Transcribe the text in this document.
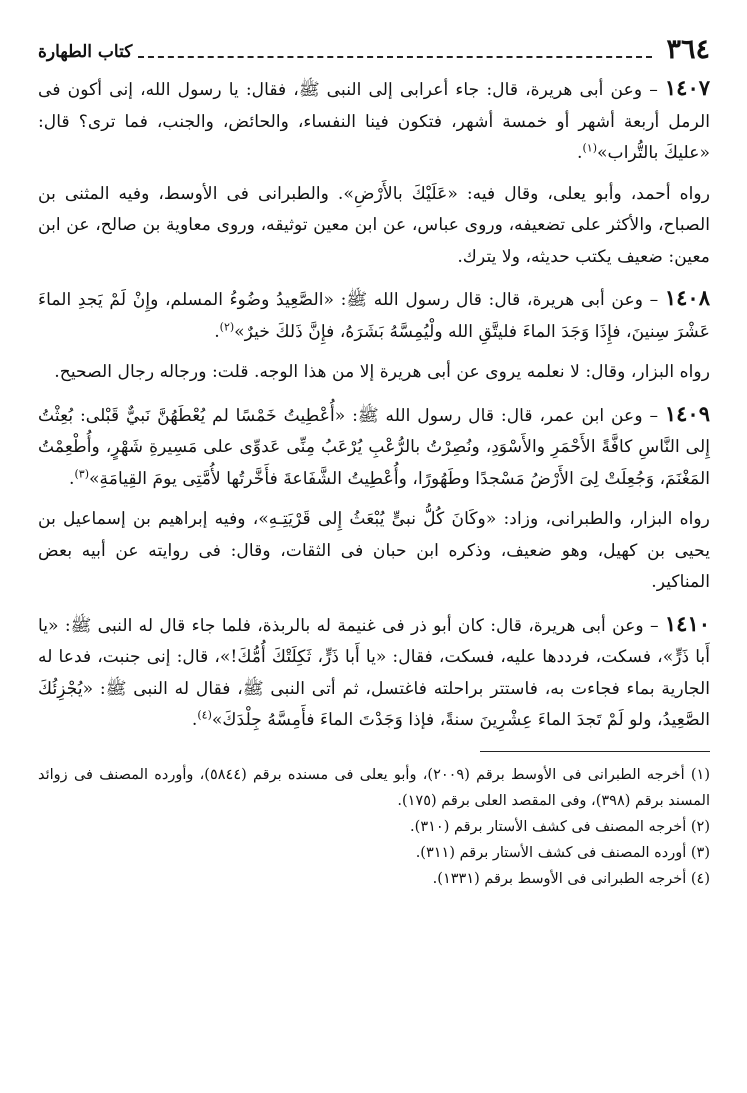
٣٦٤
كتاب الطهارة

١٤٠٧ – وعن أبى هريرة، قال: جاء أعرابى إلى النبى ﷺ، فقال: يا رسول الله، إنى أكون فى الرمل أربعة أشهر أو خمسة أشهر، فتكون فينا النفساء، والحائض، والجنب، فما ترى؟ قال: «عليكَ بالتُّراب»$^{(١)}$.

رواه أحمد، وأبو يعلى، وقال فيه: «عَلَيْكَ بالأَرْضِ». والطبرانى فى الأوسط، وفيه المثنى بن الصباح، والأكثر على تضعيفه، وروى عباس، عن ابن معين توثيقه، وروى معاوية بن صالح، عن ابن معين: ضعيف يكتب حديثه، ولا يترك.

١٤٠٨ – وعن أبى هريرة، قال: قال رسول الله ﷺ: «الصَّعِيدُ وضُوءُ المسلم، وإِنْ لَمْ يَجدِ الماءَ عَشْرَ سِنينَ، فإِذَا وَجَدَ الماءَ فليتَّقِ الله ولْيُمِسَّهُ بَشَرَهُ، فإِنَّ ذَلكَ خيرٌ»$^{(٢)}$.

رواه البزار، وقال: لا نعلمه يروى عن أبى هريرة إلا من هذا الوجه. قلت: ورجاله رجال الصحيح.

١٤٠٩ – وعن ابن عمر، قال: قال رسول الله ﷺ: «أُعْطِيتُ خَمْسًا لم يُعْطَهُنَّ نَبيٌّ قَبْلى: بُعِثْتُ إِلى النَّاسِ كافَّةً الأَحْمَرِ والأَسْوَدِ، ونُصِرْتُ بالرُّعْبِ يُرْعَبُ مِنِّى عَدوِّى على مَسِيرةِ شَهْرٍ، وأُطْعِمْتُ المَغْنَمَ، وَجُعِلَتْ لِىَ الأَرْضُ مَسْجدًا وطَهُورًا، وأُعْطِيتُ الشَّفَاعةَ فأَخَّرتُها لأُمَّتِى يومَ القِيامَةِ»$^{(٣)}$.

رواه البزار، والطبرانى، وزاد: «وكَانَ كُلُّ نبىٍّ يُبْعَثُ إِلى قَرْيَتِـهِ»، وفيه إبراهيم بن إسماعيل بن يحيى بن كهيل، وهو ضعيف، وذكره ابن حبان فى الثقات، وقال: فى روايته عن أبيه بعض المناكير.

١٤١٠ – وعن أبى هريرة، قال: كان أبو ذر فى غنيمة له بالربذة، فلما جاء قال له النبى ﷺ: «يا أَبا ذَرٍّ»، فسكت، فرددها عليه، فسكت، فقال: «يا أَبا ذَرٍّ، ثَكِلَتْكَ أُمُّكَ!»، قال: إنى جنبت، فدعا له الجارية بماء فجاءت به، فاستتر براحلته فاغتسل، ثم أتى النبى ﷺ، فقال له النبى ﷺ: «يُجْزِئُكَ الصَّعِيدُ، ولو لَمْ تَجدَ الماءَ عِشْرِينَ سنةً، فإذا وَجَدْتَ الماءَ فأَمِسَّهُ جِلْدَكَ»$^{(٤)}$.

(١) أخرجه الطبرانى فى الأوسط برقم (٢٠٠٩)، وأبو يعلى فى مسنده برقم (٥٨٤٤)، وأورده المصنف فى زوائد المسند برقم (٣٩٨)، وفى المقصد العلى برقم (١٧٥).

(٢) أخرجه المصنف فى كشف الأستار برقم (٣١٠).

(٣) أورده المصنف فى كشف الأستار برقم (٣١١).

(٤) أخرجه الطبرانى فى الأوسط برقم (١٣٣١).
